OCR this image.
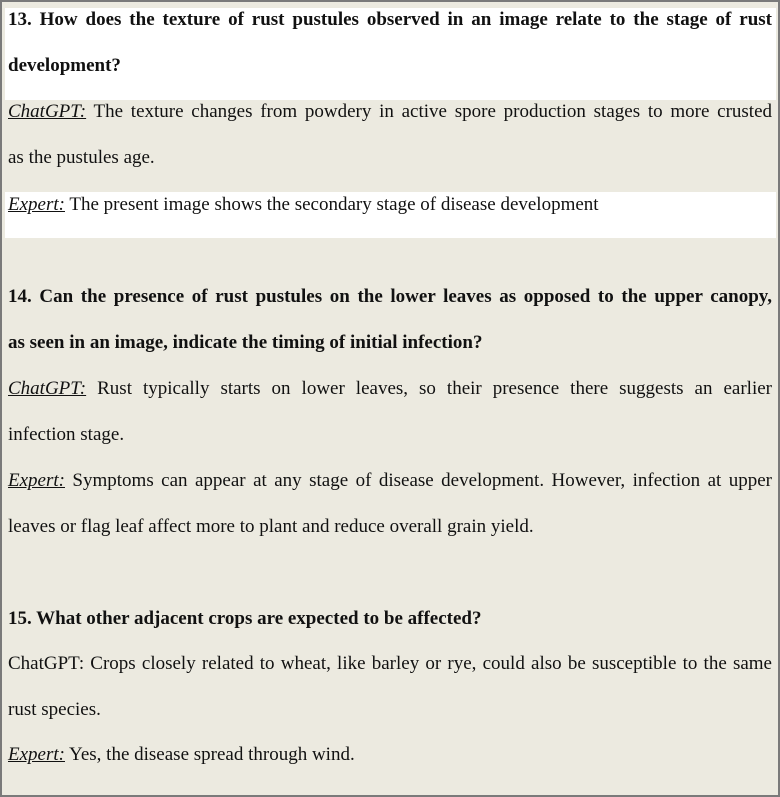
13. How does the texture of rust pustules observed in an image relate to the stage of rust
development?
ChatGPT: The texture changes from powdery in active spore production stages to more crusted
as the pustules age.
Expert: The present image shows the secondary stage of disease development
14. Can the presence of rust pustules on the lower leaves as opposed to the upper canopy,
as seen in an image, indicate the timing of initial infection?
ChatGPT: Rust typically starts on lower leaves, so their presence there suggests an earlier
infection stage.
Expert: Symptoms can appear at any stage of disease development. However, infection at upper
leaves or flag leaf affect more to plant and reduce overall grain yield.
15. What other adjacent crops are expected to be affected?
ChatGPT: Crops closely related to wheat, like barley or rye, could also be susceptible to the same
rust species.
Expert: Yes, the disease spread through wind.
